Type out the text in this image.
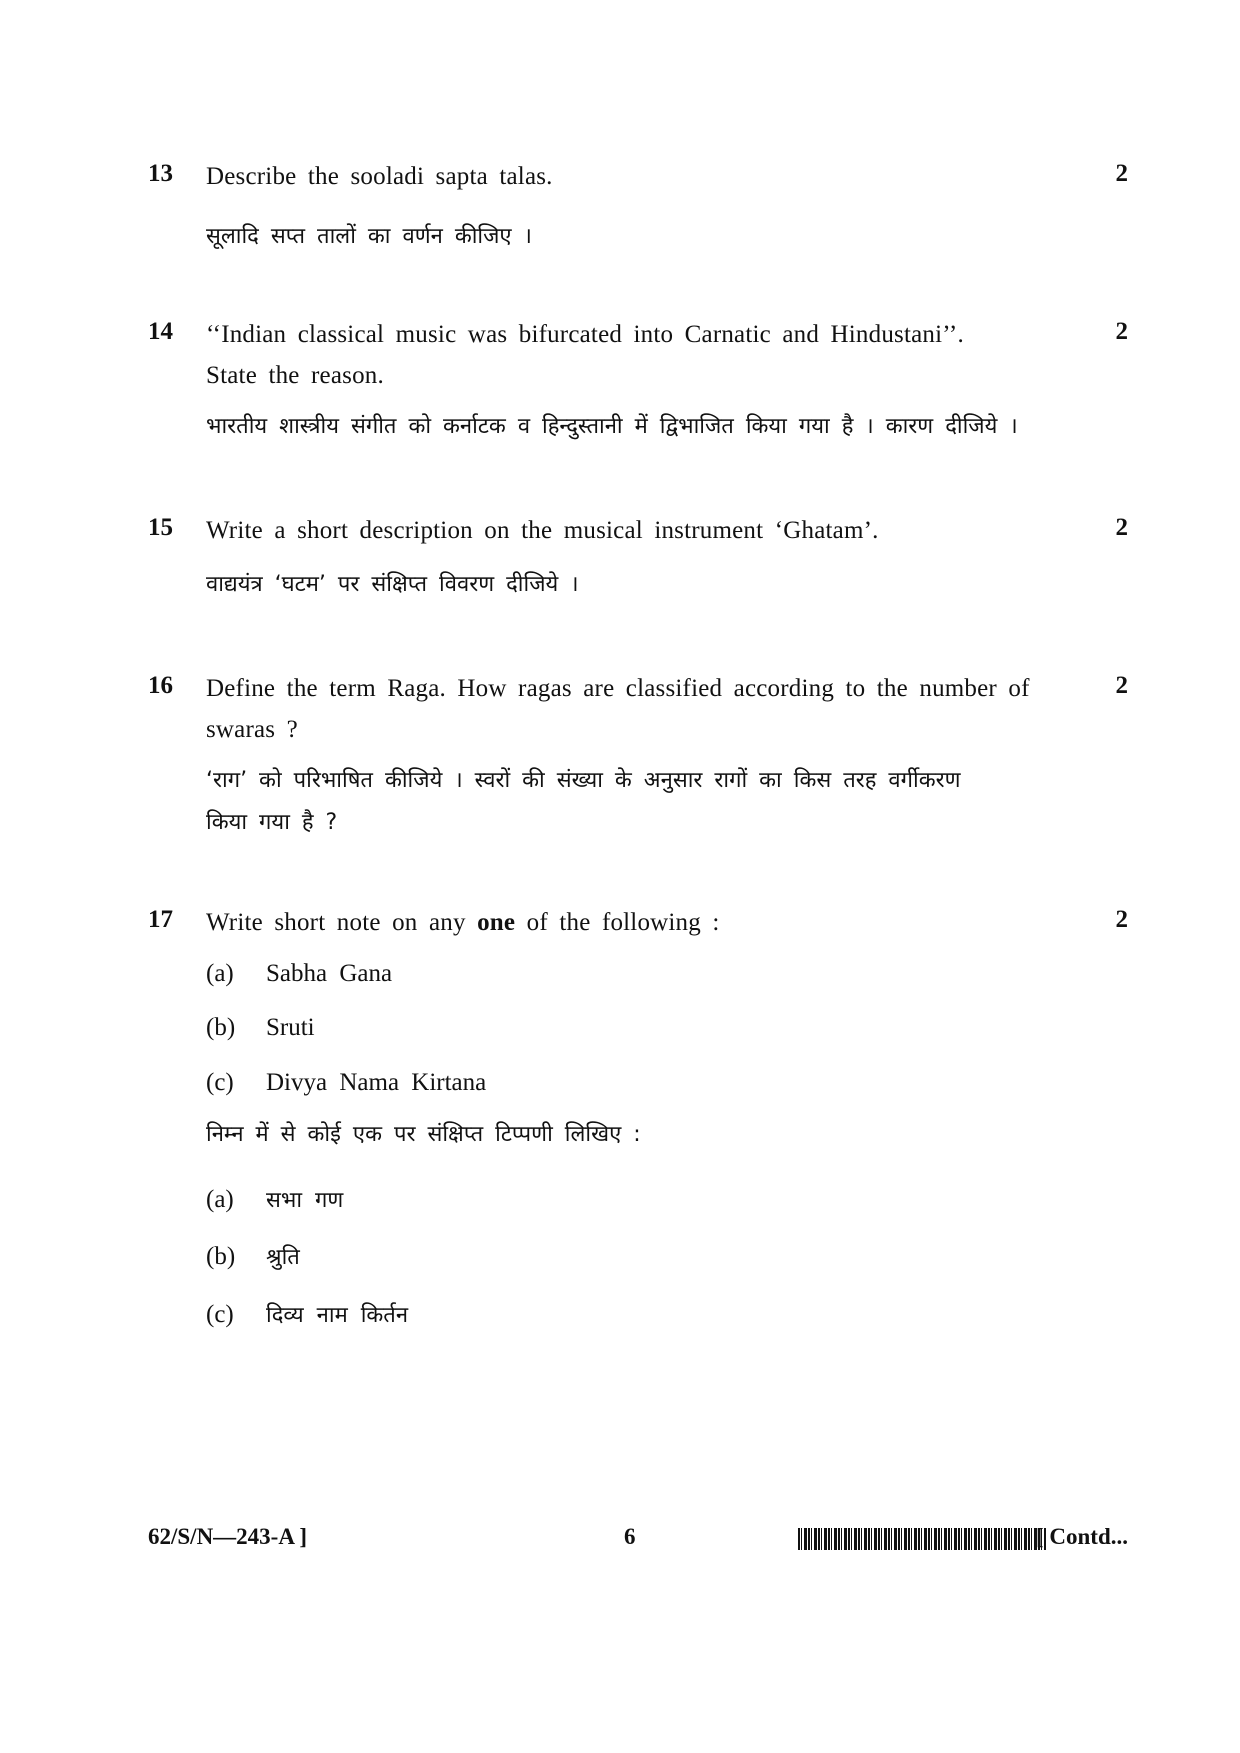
13 Describe the sooladi sapta talas.	2
सूलादि सप्त तालों का वर्णन कीजिए ।
14 ‘‘Indian classical music was bifurcated into Carnatic and Hindustani’’.
State the reason.
2
भारतीय शास्त्रीय संगीत को कर्नाटक व हिन्दुस्तानी में द्विभाजित किया गया है । कारण दीजिये ।
15 Write a short description on the musical instrument ‘Ghatam’.	2
वाद्ययंत्र ‘घटम’ पर संक्षिप्त विवरण दीजिये ।
16 Define the term Raga. How ragas are classified according to the number of
swaras ?
2
‘राग’ को परिभाषित कीजिये । स्वरों की संख्या के अनुसार रागों का किस तरह वर्गीकरण
किया गया है ?
17 Write short note on any one of the following :	2
(a) Sabha Gana
(b) Sruti
(c) Divya Nama Kirtana
निम्न में से कोई एक पर संक्षिप्त टिप्पणी लिखिए :
(a) सभा गण
(b) श्रुति
(c) दिव्य नाम किर्तन
62/S/N—243-A ]	6	[ Contd...
